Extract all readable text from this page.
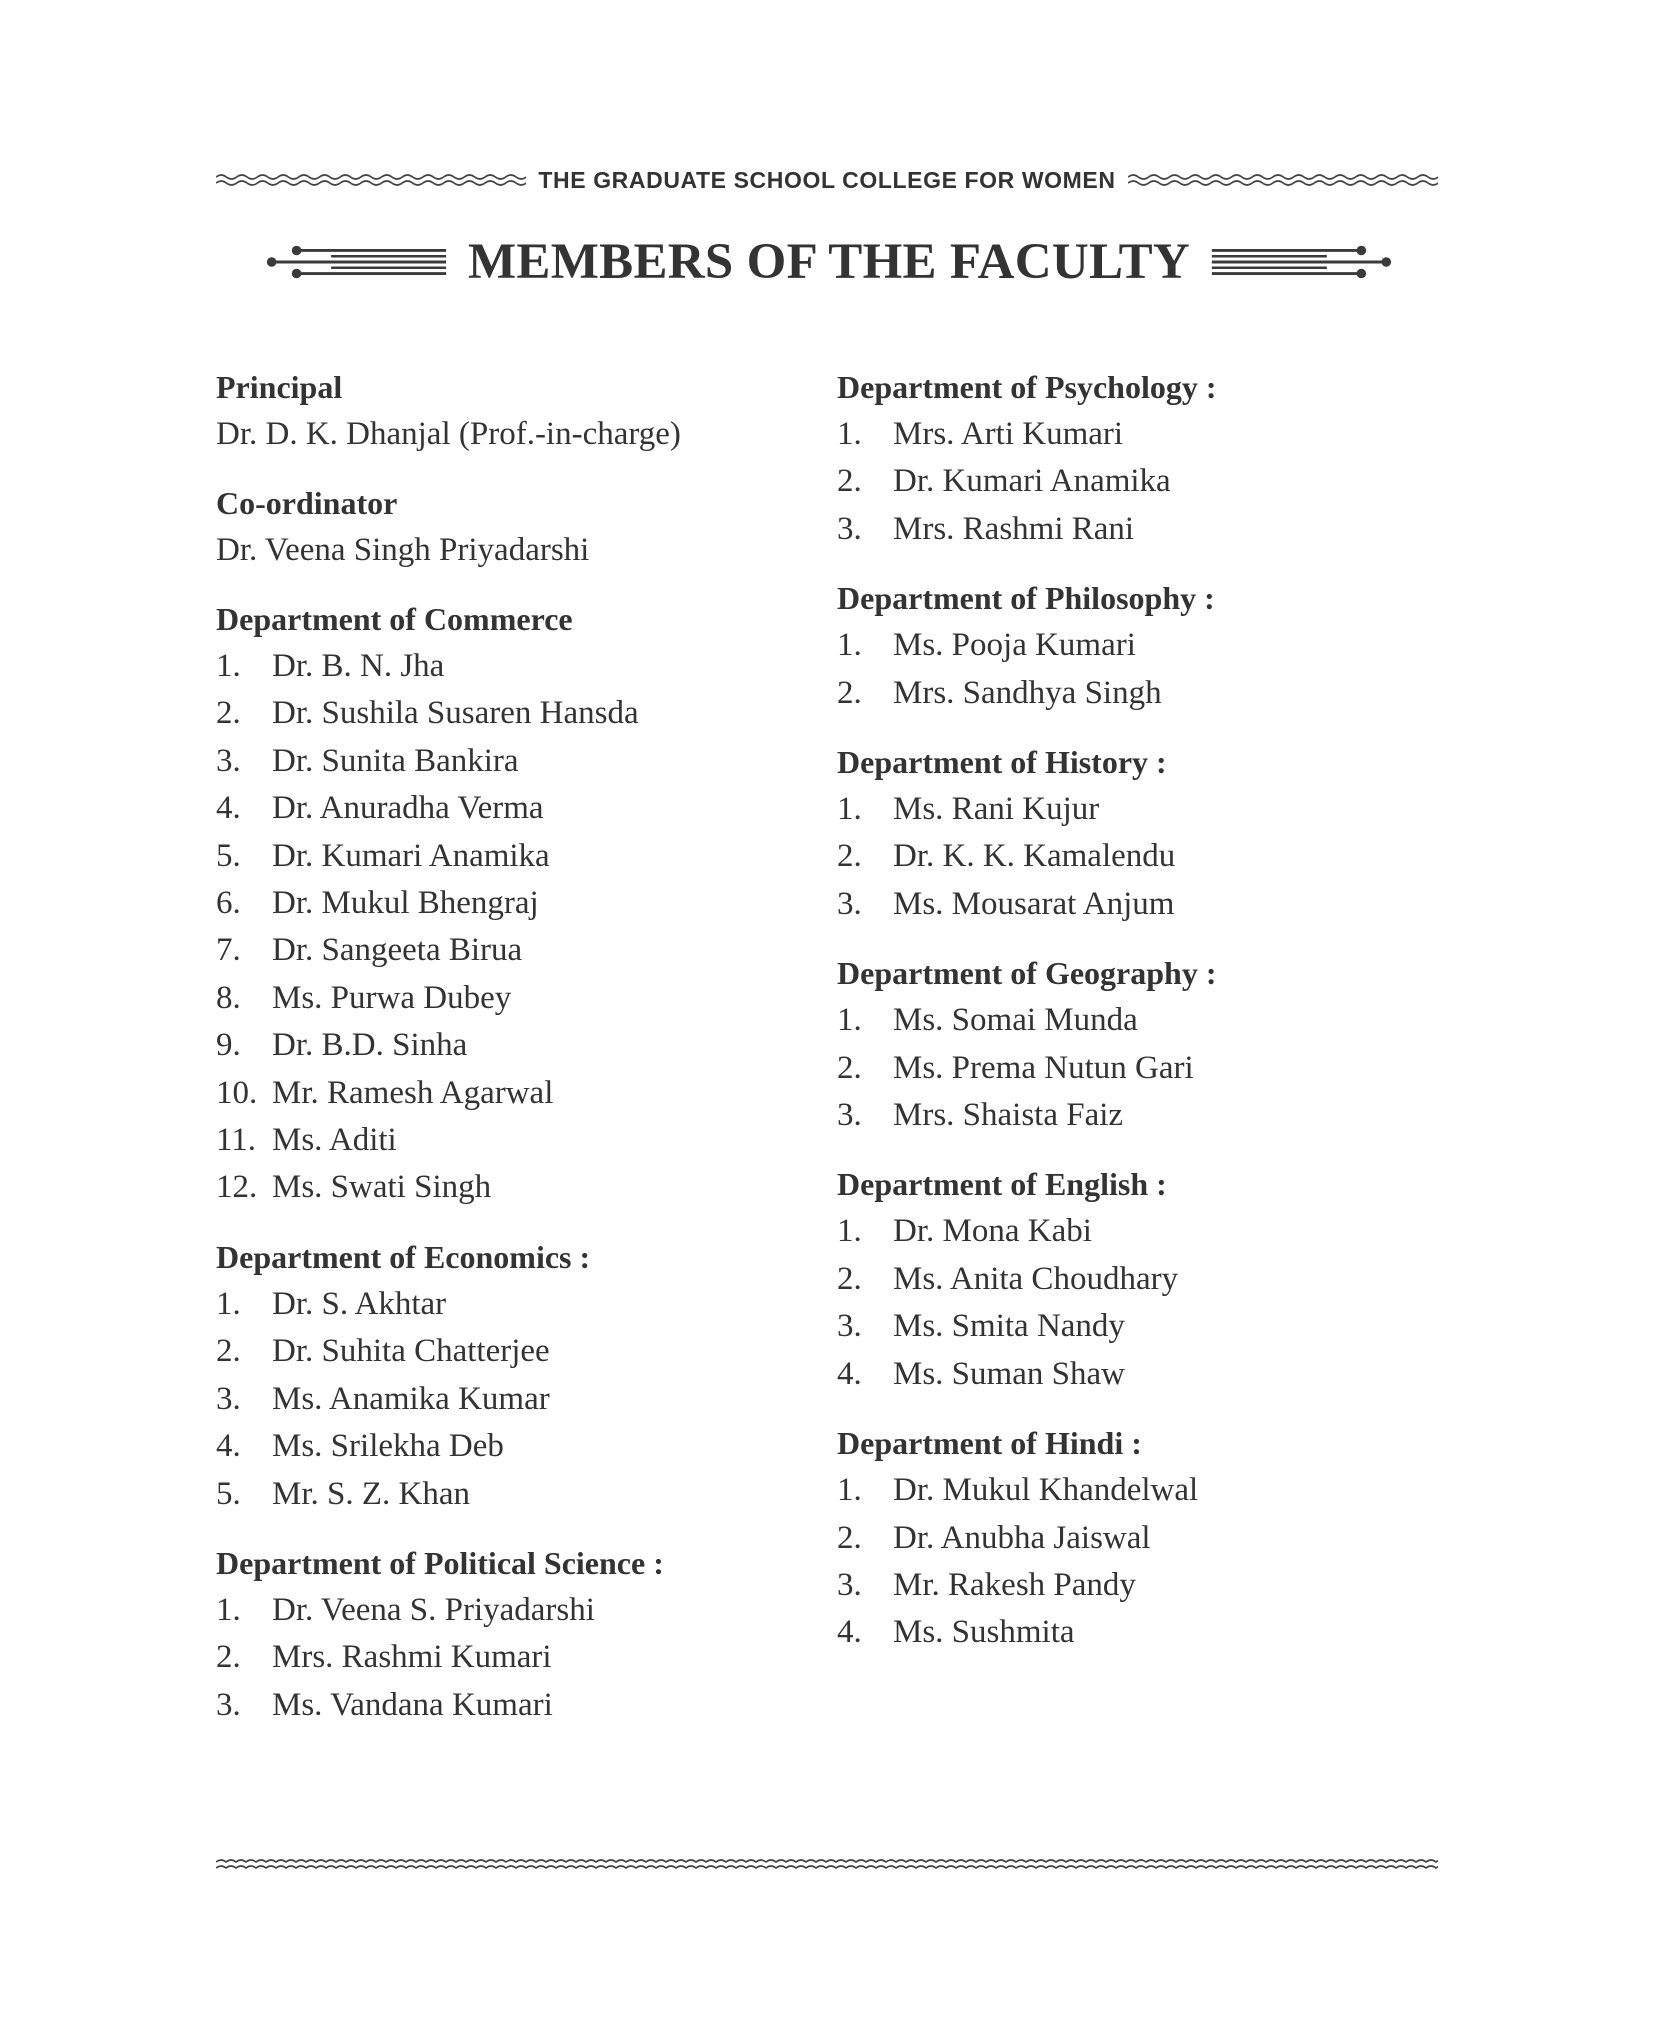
THE GRADUATE SCHOOL COLLEGE FOR WOMEN
MEMBERS OF THE FACULTY
Principal
Dr. D. K. Dhanjal (Prof.-in-charge)
Co-ordinator
Dr. Veena Singh Priyadarshi
Department of Commerce
1. Dr. B. N. Jha
2. Dr. Sushila Susaren Hansda
3. Dr. Sunita Bankira
4. Dr. Anuradha Verma
5. Dr. Kumari Anamika
6. Dr. Mukul Bhengraj
7. Dr. Sangeeta Birua
8. Ms. Purwa Dubey
9. Dr. B.D. Sinha
10. Mr. Ramesh Agarwal
11. Ms. Aditi
12. Ms. Swati Singh
Department of Economics :
1. Dr. S. Akhtar
2. Dr. Suhita Chatterjee
3. Ms. Anamika Kumar
4. Ms. Srilekha Deb
5. Mr. S. Z. Khan
Department of Political Science :
1. Dr. Veena S. Priyadarshi
2. Mrs. Rashmi Kumari
3. Ms. Vandana Kumari
Department of Psychology :
1. Mrs. Arti Kumari
2. Dr. Kumari Anamika
3. Mrs. Rashmi Rani
Department of Philosophy :
1. Ms. Pooja Kumari
2. Mrs. Sandhya Singh
Department of History :
1. Ms. Rani Kujur
2. Dr. K. K. Kamalendu
3. Ms. Mousarat Anjum
Department of Geography :
1. Ms. Somai Munda
2. Ms. Prema Nutun Gari
3. Mrs. Shaista Faiz
Department of English :
1. Dr. Mona Kabi
2. Ms. Anita Choudhary
3. Ms. Smita Nandy
4. Ms. Suman Shaw
Department of Hindi :
1. Dr. Mukul Khandelwal
2. Dr. Anubha Jaiswal
3. Mr. Rakesh Pandy
4. Ms. Sushmita
